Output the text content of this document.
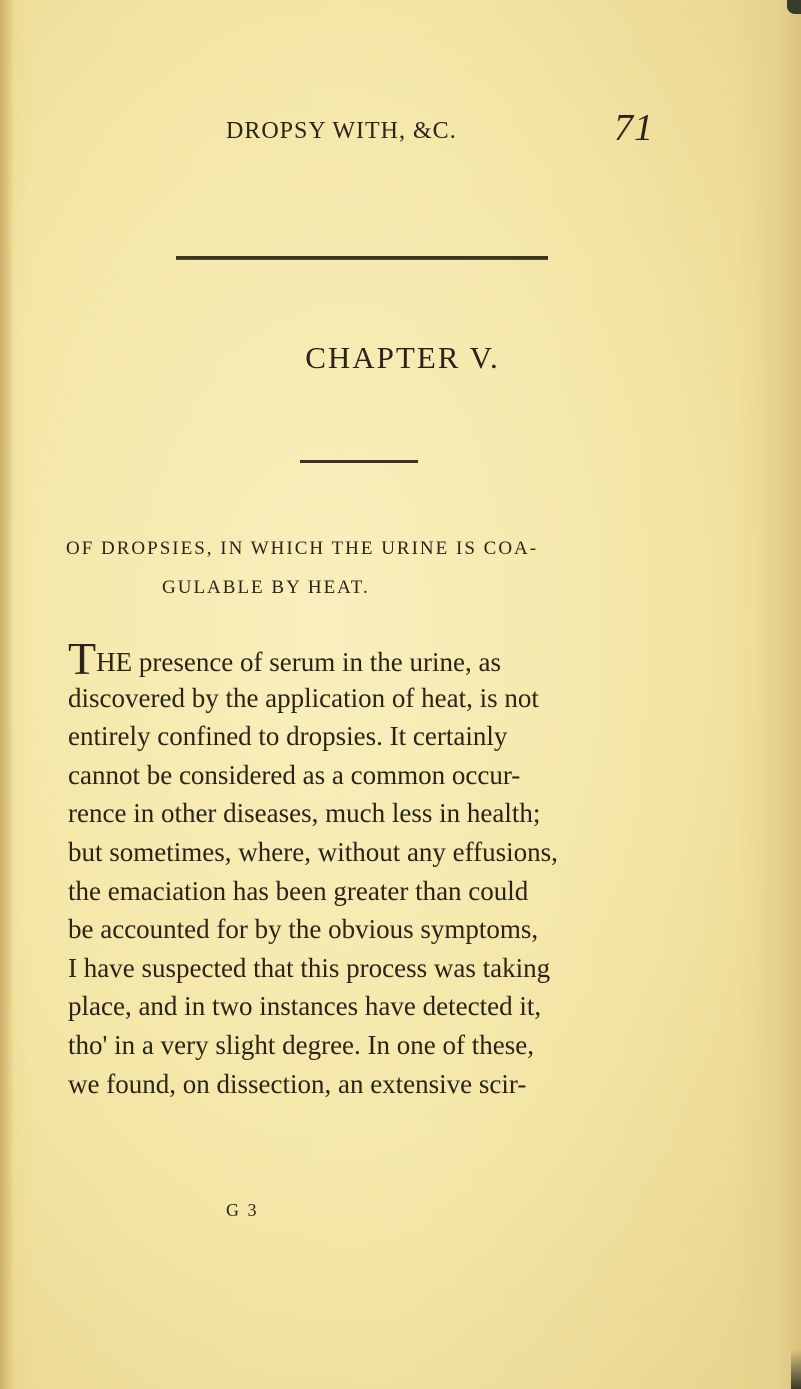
DROPSY WITH, &C.	71
CHAPTER V.
OF DROPSIES, IN WHICH THE URINE IS COA-
GULABLE BY HEAT.
THE presence of serum in the urine, as
discovered by the application of heat, is not
entirely confined to dropsies. It certainly
cannot be considered as a common occur-
rence in other diseases, much less in health;
but sometimes, where, without any effusions,
the emaciation has been greater than could
be accounted for by the obvious symptoms,
I have suspected that this process was taking
place, and in two instances have detected it,
tho' in a very slight degree. In one of these,
we found, on dissection, an extensive scir-
G 3
